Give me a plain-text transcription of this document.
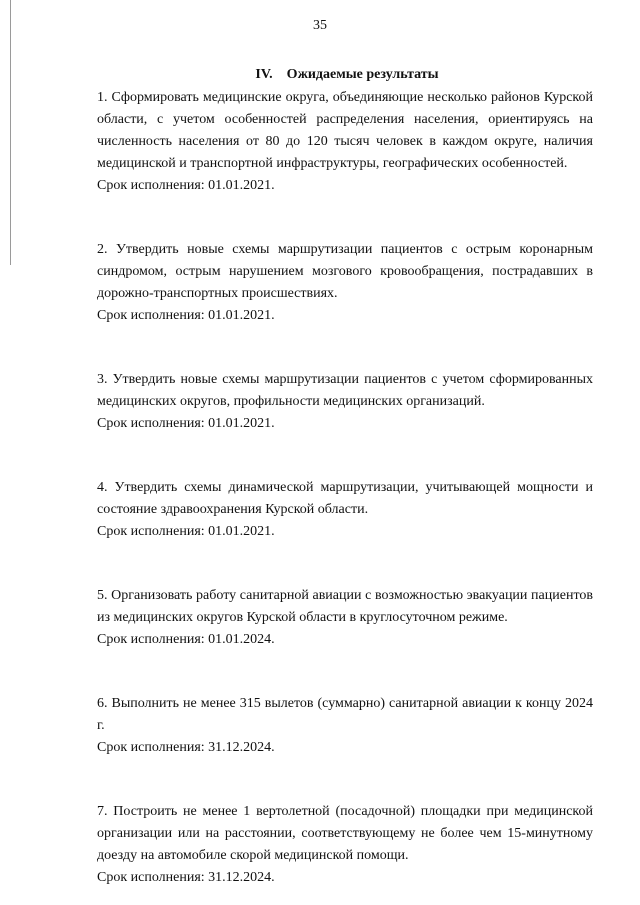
35

IV. Ожидаемые результаты

1. Сформировать медицинские округа, объединяющие несколько районов Курской области, с учетом особенностей распределения населения, ориентируясь на численность населения от 80 до 120 тысяч человек в каждом округе, наличия медицинской и транспортной инфраструктуры, географических особенностей.

Срок исполнения: 01.01.2021.

2. Утвердить новые схемы маршрутизации пациентов с острым коронарным синдромом, острым нарушением мозгового кровообращения, пострадавших в дорожно-транспортных происшествиях.

Срок исполнения: 01.01.2021.

3. Утвердить новые схемы маршрутизации пациентов с учетом сформированных медицинских округов, профильности медицинских организаций.

Срок исполнения: 01.01.2021.

4. Утвердить схемы динамической маршрутизации, учитывающей мощности и состояние здравоохранения Курской области.

Срок исполнения: 01.01.2021.

5. Организовать работу санитарной авиации с возможностью эвакуации пациентов из медицинских округов Курской области в круглосуточном режиме.

Срок исполнения: 01.01.2024.

6. Выполнить не менее 315 вылетов (суммарно) санитарной авиации к концу 2024 г.

Срок исполнения: 31.12.2024.

7. Построить не менее 1 вертолетной (посадочной) площадки при медицинской организации или на расстоянии, соответствующему не более чем 15-минутному доезду на автомобиле скорой медицинской помощи.

Срок исполнения: 31.12.2024.
